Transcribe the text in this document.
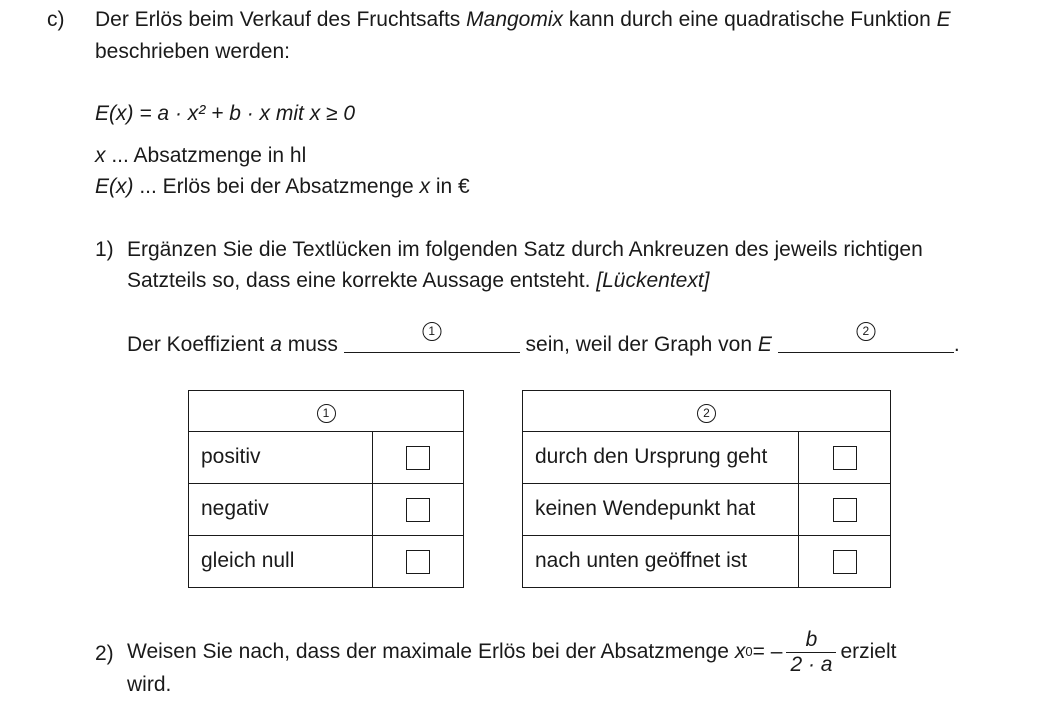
c) Der Erlös beim Verkauf des Fruchtsafts Mangomix kann durch eine quadratische Funktion E
beschrieben werden:
E(x) = a · x² + b · x mit x ≥ 0
x ... Absatzmenge in hl
E(x) ... Erlös bei der Absatzmenge x in €
1) Ergänzen Sie die Textlücken im folgenden Satz durch Ankreuzen des jeweils richtigen
Satzteils so, dass eine korrekte Aussage entsteht. [Lückentext]
Der Koeffizient a muss
1
sein, weil der Graph von E
2
.
1	
positiv	
negativ	
gleich null	
2	
durch den Ursprung geht	
keinen Wendepunkt hat	
nach unten geöffnet ist	
2) Weisen Sie nach, dass der maximale Erlös bei der Absatzmenge x 0 = – $\frac{b}{2 \cdot a}$ erzielt
wird.
